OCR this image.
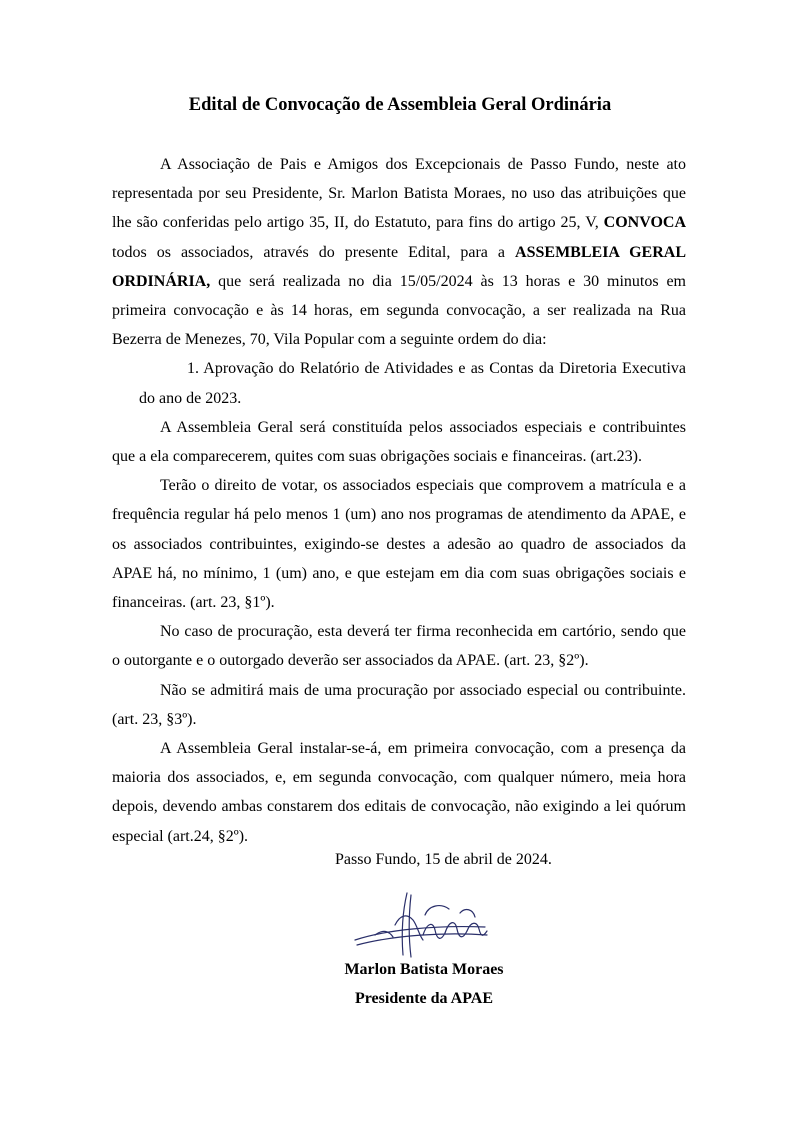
Edital de Convocação de Assembleia Geral Ordinária

A Associação de Pais e Amigos dos Excepcionais de Passo Fundo, neste ato representada por seu Presidente, Sr. Marlon Batista Moraes, no uso das atribuições que lhe são conferidas pelo artigo 35, II, do Estatuto, para fins do artigo 25, V, CONVOCA todos os associados, através do presente Edital, para a ASSEMBLEIA GERAL ORDINÁRIA, que será realizada no dia 15/05/2024 às 13 horas e 30 minutos em primeira convocação e às 14 horas, em segunda convocação, a ser realizada na Rua Bezerra de Menezes, 70, Vila Popular com a seguinte ordem do dia:

1. Aprovação do Relatório de Atividades e as Contas da Diretoria Executiva do ano de 2023.

A Assembleia Geral será constituída pelos associados especiais e contribuintes que a ela comparecerem, quites com suas obrigações sociais e financeiras. (art.23).

Terão o direito de votar, os associados especiais que comprovem a matrícula e a frequência regular há pelo menos 1 (um) ano nos programas de atendimento da APAE, e os associados contribuintes, exigindo-se destes a adesão ao quadro de associados da APAE há, no mínimo, 1 (um) ano, e que estejam em dia com suas obrigações sociais e financeiras. (art. 23, §1º).

No caso de procuração, esta deverá ter firma reconhecida em cartório, sendo que o outorgante e o outorgado deverão ser associados da APAE. (art. 23, §2º).

Não se admitirá mais de uma procuração por associado especial ou contribuinte. (art. 23, §3º).

A Assembleia Geral instalar-se-á, em primeira convocação, com a presença da maioria dos associados, e, em segunda convocação, com qualquer número, meia hora depois, devendo ambas constarem dos editais de convocação, não exigindo a lei quórum especial (art.24, §2º).

Passo Fundo, 15 de abril de 2024.
Marlon Batista Moraes
Presidente da APAE
